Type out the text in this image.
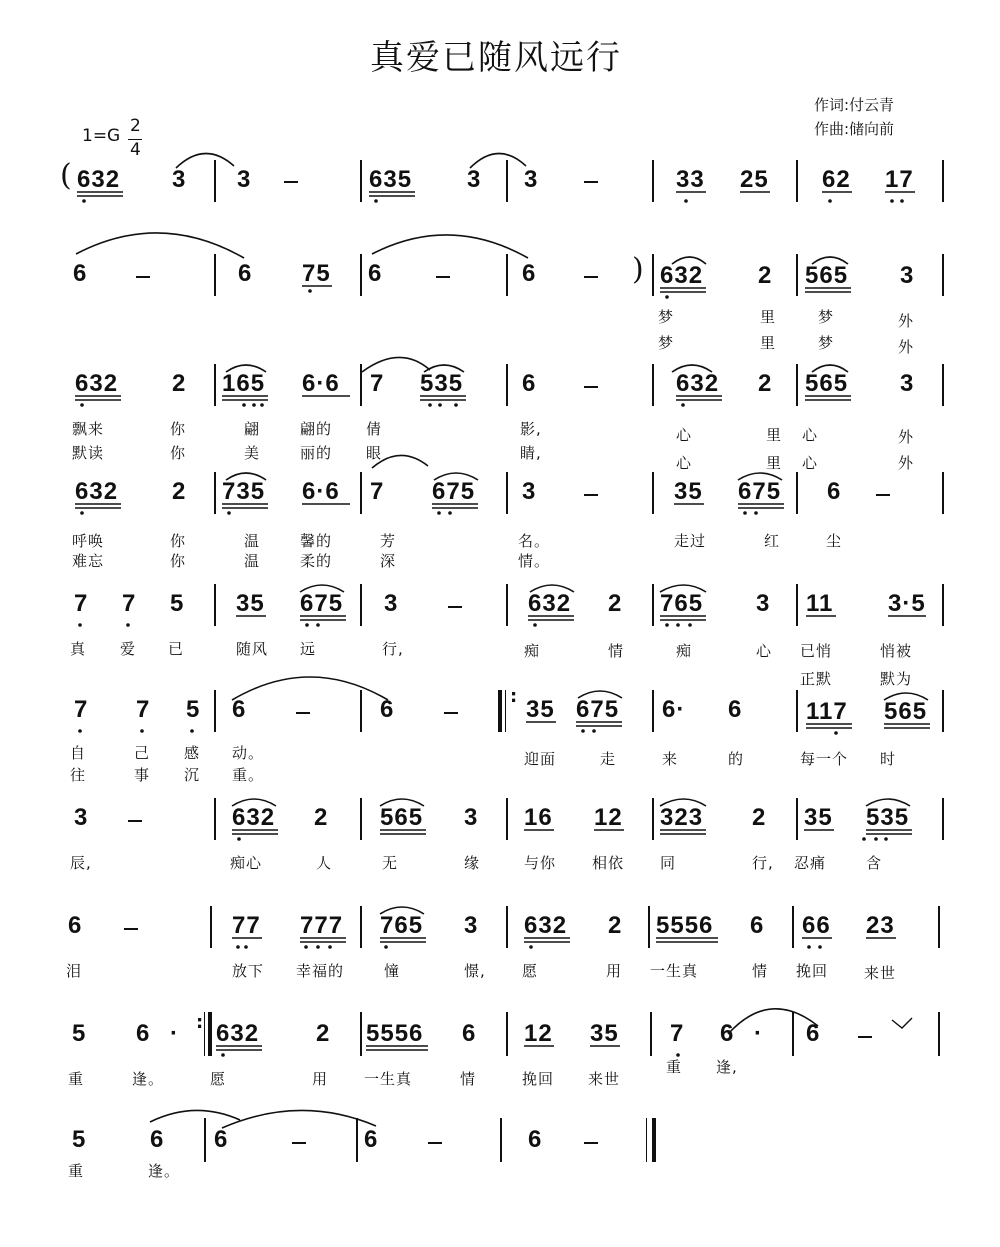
真爱已随风远行
作词:付云青
作曲:储向前
1=G 2
4
( 632 3 3	635 3 3	33 25 62 17
6	6 75 6	6	) 632 2 565 3
梦	里	梦	外
梦	里	梦	外
632 2 165 6·6 7 535 6	632 2 565 3
飘来	你	翩	翩的 倩	影,	心	里 心	外
默读	你	美	丽的 眼	睛,
心	里 心	外
632 2 735 6·6 7 675 3	35 675 6
呼唤	你	温	馨的	芳	名。	走过	红	尘
难忘	你	温	柔的	深	情。
7 7 5 35 675 3	632 2 765 3 11 3·5
真 爱 已	随风 远	行,	痴	情	痴	心 已悄	悄被
正默	默为
7 7 5 6	6	: 35 675 6· 6	117 565
自	己 感 动。	迎面	走	来	的	每一个 时
往	事 沉 重。
3	632 2 565 3 16 12 323 2 35 535
辰,	痴心	人	无	缘	与你 相依 同	行, 忍痛	含
6	77 777 765 3 632 2 5556 6 66 23
泪	放下 幸福的	憧	憬, 愿	用 一生真	情 挽回 来世
5 6 · : 632 2 5556 6 12 35 7 6 · 6
重	逢。	愿	用 一生真	情	挽回 来世
重 逢,
5	6 6	6	6
重	逢。
